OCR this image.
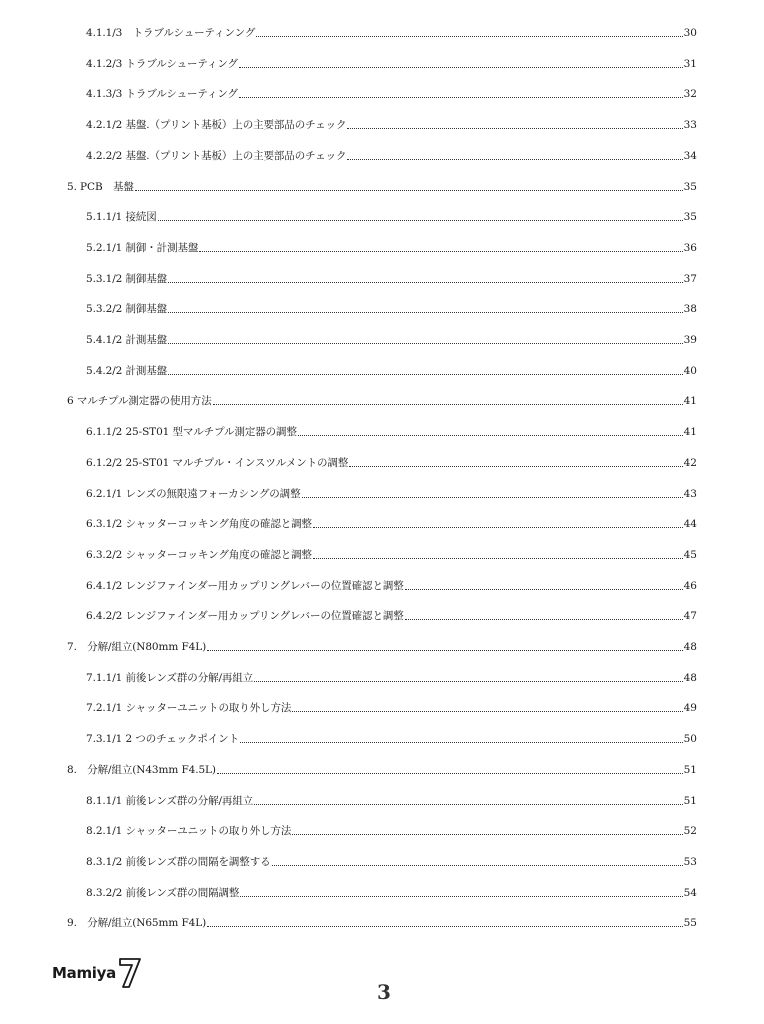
4.1.1/3　トラブルシューティンング	30
4.1.2/3 トラブルシューティング	31
4.1.3/3 トラブルシューティング	32
4.2.1/2 基盤.（プリント基板）上の主要部品のチェック	33
4.2.2/2 基盤.（プリント基板）上の主要部品のチェック	34
5. PCB　基盤	35
5.1.1/1 接続図	35
5.2.1/1 制御・計測基盤	36
5.3.1/2 制御基盤	37
5.3.2/2 制御基盤	38
5.4.1/2 計測基盤	39
5.4.2/2 計測基盤	40
6 マルチプル測定器の使用方法	41
6.1.1/2 25-ST01 型マルチプル測定器の調整	41
6.1.2/2 25-ST01 マルチプル・インスツルメントの調整	42
6.2.1/1 レンズの無限遠フォーカシングの調整	43
6.3.1/2 シャッターコッキング角度の確認と調整	44
6.3.2/2 シャッターコッキング角度の確認と調整	45
6.4.1/2 レンジファインダー用カップリングレバーの位置確認と調整	46
6.4.2/2 レンジファインダー用カップリングレバーの位置確認と調整	47
7.　分解/組立(N80mm F4L)	48
7.1.1/1 前後レンズ群の分解/再組立	48
7.2.1/1 シャッターユニットの取り外し方法	49
7.3.1/1 2 つのチェックポイント	50
8.　分解/組立(N43mm F4.5L)	51
8.1.1/1 前後レンズ群の分解/再組立	51
8.2.1/1 シャッターユニットの取り外し方法	52
8.3.1/2 前後レンズ群の間隔を調整する	53
8.3.2/2 前後レンズ群の間隔調整	54
9.　分解/組立(N65mm F4L)	55
Mamiya
3
